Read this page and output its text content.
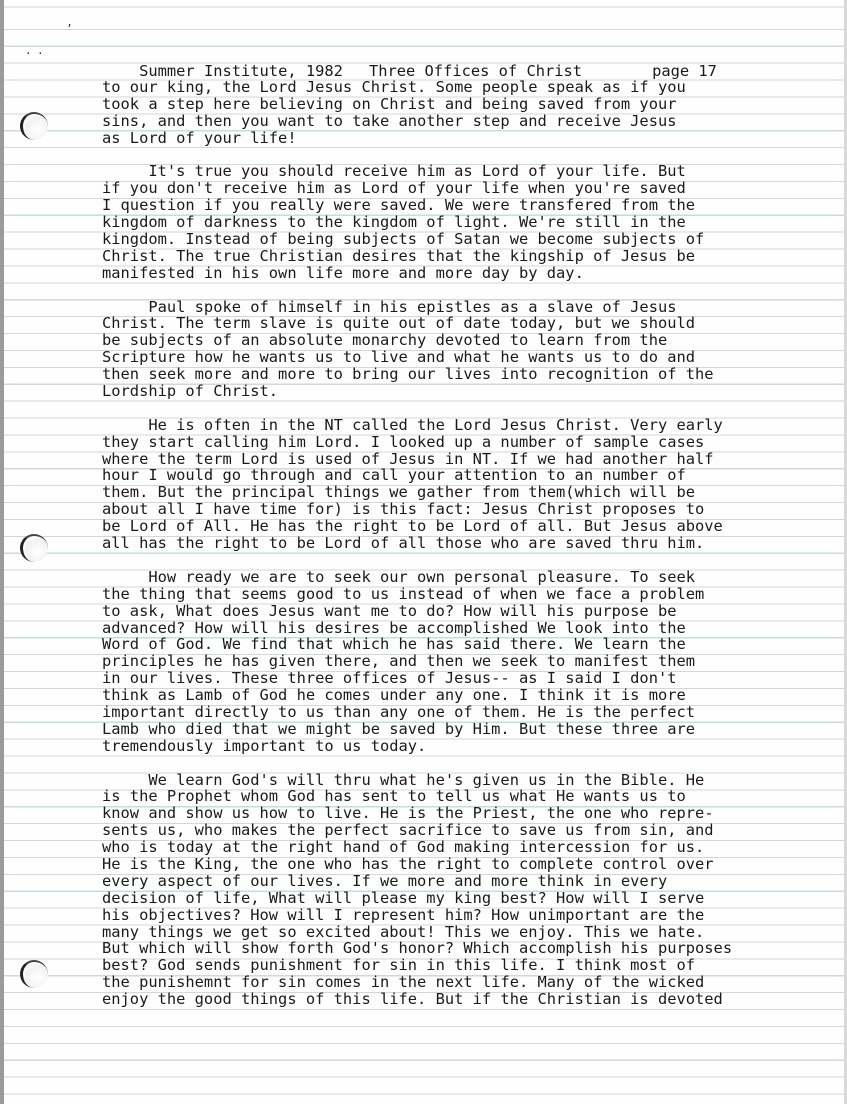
’
· ·

Summer Institute, 1982 Three Offices of Christ	page 17

to our king, the Lord Jesus Christ. Some people speak as if you
took a step here believing on Christ and being saved from your
sins, and then you want to take another step and receive Jesus
as Lord of your life!
It's true you should receive him as Lord of your life. But
if you don't receive him as Lord of your life when you're saved
I question if you really were saved. We were transfered from the
kingdom of darkness to the kingdom of light. We're still in the
kingdom. Instead of being subjects of Satan we become subjects of
Christ. The true Christian desires that the kingship of Jesus be
manifested in his own life more and more day by day.
Paul spoke of himself in his epistles as a slave of Jesus
Christ. The term slave is quite out of date today, but we should
be subjects of an absolute monarchy devoted to learn from the
Scripture how he wants us to live and what he wants us to do and
then seek more and more to bring our lives into recognition of the
Lordship of Christ.
He is often in the NT called the Lord Jesus Christ. Very early
they start calling him Lord. I looked up a number of sample cases
where the term Lord is used of Jesus in NT. If we had another half
hour I would go through and call your attention to an number of
them. But the principal things we gather from them(which will be
about all I have time for) is this fact: Jesus Christ proposes to
be Lord of All. He has the right to be Lord of all. But Jesus above
all has the right to be Lord of all those who are saved thru him.
How ready we are to seek our own personal pleasure. To seek
the thing that seems good to us instead of when we face a problem
to ask, What does Jesus want me to do? How will his purpose be
advanced? How will his desires be accomplished We look into the
Word of God. We find that which he has said there. We learn the
principles he has given there, and then we seek to manifest them
in our lives. These three offices of Jesus-- as I said I don't
think as Lamb of God he comes under any one. I think it is more
important directly to us than any one of them. He is the perfect
Lamb who died that we might be saved by Him. But these three are
tremendously important to us today.
We learn God's will thru what he's given us in the Bible. He
is the Prophet whom God has sent to tell us what He wants us to
know and show us how to live. He is the Priest, the one who repre-
sents us, who makes the perfect sacrifice to save us from sin, and
who is today at the right hand of God making intercession for us.
He is the King, the one who has the right to complete control over
every aspect of our lives. If we more and more think in every
decision of life, What will please my king best? How will I serve
his objectives? How will I represent him? How unimportant are the
many things we get so excited about! This we enjoy. This we hate.
But which will show forth God's honor? Which accomplish his purposes
best? God sends punishment for sin in this life. I think most of
the punishemnt for sin comes in the next life. Many of the wicked
enjoy the good things of this life. But if the Christian is devoted
